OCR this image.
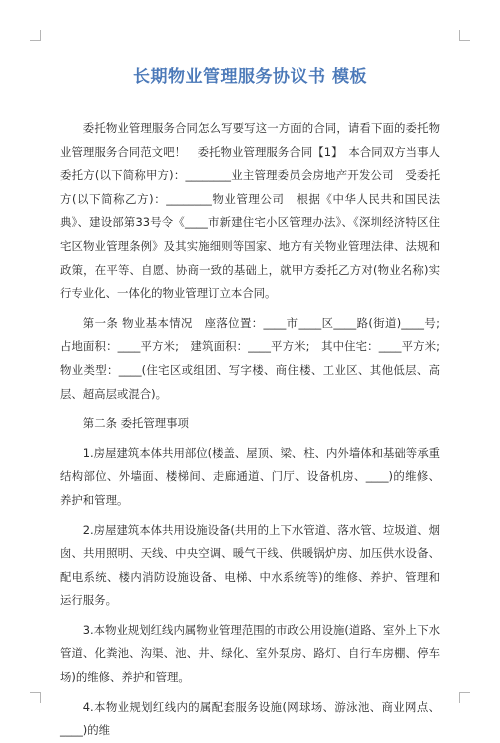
长期物业管理服务协议书 模板

委托物业管理服务合同怎么写要写这一方面的合同，请看下面的委托物业管理服务合同范文吧！　委托物业管理服务合同【1】　本合同双方当事人　委托方(以下简称甲方)：________业主管理委员会房地产开发公司　受委托方(以下简称乙方)：________物业管理公司　根据《中华人民共和国民法典》、建设部第33号令《____市新建住宅小区管理办法》、《深圳经济特区住宅区物业管理条例》及其实施细则等国家、地方有关物业管理法律、法规和政策，在平等、自愿、协商一致的基础上，就甲方委托乙方对(物业名称)实行专业化、一体化的物业管理订立本合同。

第一条 物业基本情况　座落位置：____市____区____路(街道)____号;　占地面积：____平方米;　建筑面积：____平方米;　其中住宅：____平方米;　物业类型：____(住宅区或组团、写字楼、商住楼、工业区、其他低层、高层、超高层或混合)。

第二条 委托管理事项

1.房屋建筑本体共用部位(楼盖、屋顶、梁、柱、内外墙体和基础等承重结构部位、外墙面、楼梯间、走廊通道、门厅、设备机房、____)的维修、养护和管理。

2.房屋建筑本体共用设施设备(共用的上下水管道、落水管、垃圾道、烟囱、共用照明、天线、中央空调、暖气干线、供暖锅炉房、加压供水设备、配电系统、楼内消防设施设备、电梯、中水系统等)的维修、养护、管理和运行服务。

3.本物业规划红线内属物业管理范围的市政公用设施(道路、室外上下水管道、化粪池、沟渠、池、井、绿化、室外泵房、路灯、自行车房棚、停车场)的维修、养护和管理。

4.本物业规划红线内的属配套服务设施(网球场、游泳池、商业网点、____)的维
